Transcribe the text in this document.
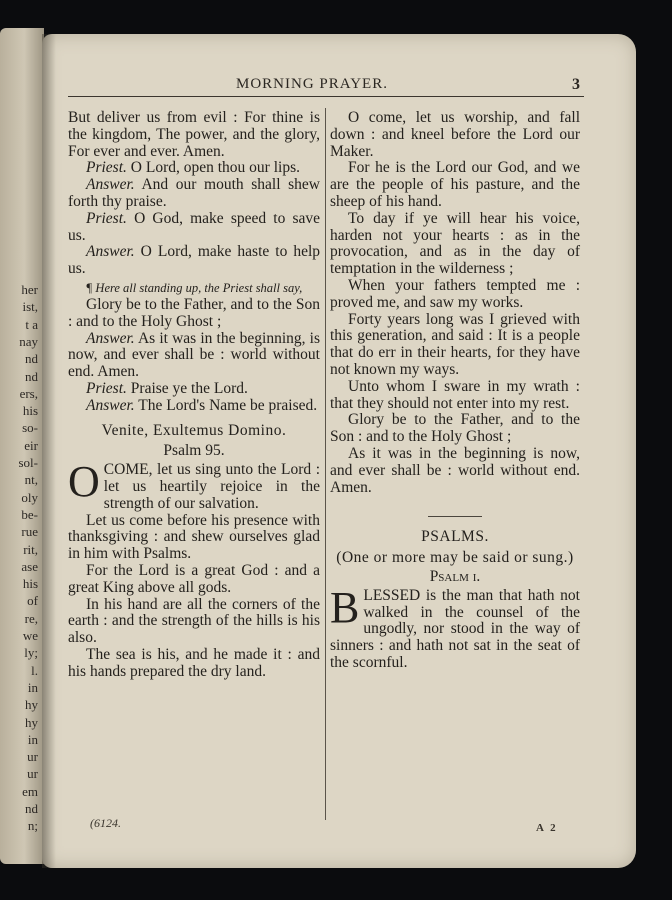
MORNING PRAYER.	3

But deliver us from evil : For thine is the kingdom, The power, and the glory, For ever and ever. Amen.

Priest. O Lord, open thou our lips.

Answer. And our mouth shall shew forth thy praise.

Priest. O God, make speed to save us.

Answer. O Lord, make haste to help us.

¶ Here all standing up, the Priest shall say,

Glory be to the Father, and to the Son : and to the Holy Ghost ;

Answer. As it was in the beginning, is now, and ever shall be : world without end. Amen.

Priest. Praise ye the Lord.

Answer. The Lord's Name be praised.

Venite, Exultemus Domino.

Psalm 95.

OCOME, let us sing unto the Lord : let us heartily rejoice in the strength of our salvation.

Let us come before his presence with thanksgiving : and shew ourselves glad in him with Psalms.

For the Lord is a great God : and a great King above all gods.

In his hand are all the corners of the earth : and the strength of the hills is his also.

The sea is his, and he made it : and his hands prepared the dry land.

O come, let us worship, and fall down : and kneel before the Lord our Maker.

For he is the Lord our God, and we are the people of his pasture, and the sheep of his hand.

To day if ye will hear his voice, harden not your hearts : as in the provocation, and as in the day of temptation in the wilderness ;

When your fathers tempted me : proved me, and saw my works.

Forty years long was I grieved with this generation, and said : It is a people that do err in their hearts, for they have not known my ways.

Unto whom I sware in my wrath : that they should not enter into my rest.

Glory be to the Father, and to the Son : and to the Holy Ghost ;

As it was in the beginning is now, and ever shall be : world without end. Amen.

PSALMS.

(One or more may be said or sung.)

Psalm i.

BLESSED is the man that hath not walked in the counsel of the ungodly, nor stood in the way of sinners : and hath not sat in the seat of the scornful.

(6124.	A 2
her
ist,
t a
nay
nd
nd
ers,
his
so-
eir
sol-
nt,
oly
be-
rue
rit,
ase
his
of
re,
we
ly;
l.
in
hy
hy
in
ur
ur
em
nd
n;
